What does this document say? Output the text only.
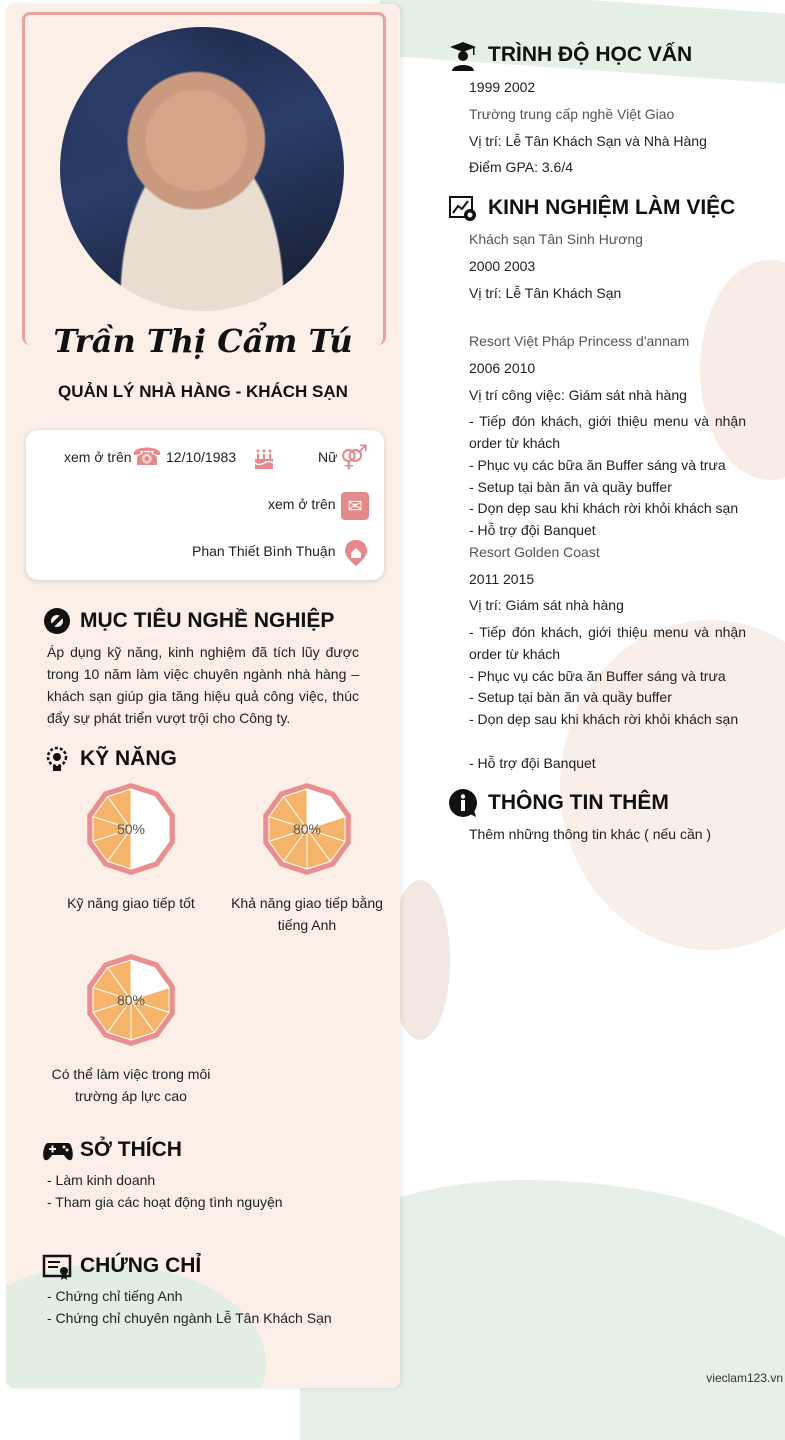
Trần Thị Cẩm Tú
QUẢN LÝ NHÀ HÀNG - KHÁCH SẠN
xem ở trên ☎ 12/10/1983	Nữ ⚤
xem ở trên ✉
Phan Thiết Bình Thuận
MỤC TIÊU NGHỀ NGHIỆP
Áp dụng kỹ năng, kinh nghiệm đã tích lũy được trong 10 năm làm việc chuyên ngành nhà hàng – khách sạn giúp gia tăng hiệu quả công việc, thúc đẩy sự phát triển vượt trội cho Công ty.
KỸ NĂNG
50%
Kỹ năng giao tiếp tốt
80%
Khả năng giao tiếp bằng tiếng Anh
80%
Có thể làm việc trong môi trường áp lực cao
SỞ THÍCH
- Làm kinh doanh
- Tham gia các hoạt động tình nguyện
CHỨNG CHỈ
- Chứng chỉ tiếng Anh
- Chứng chỉ chuyên ngành Lễ Tân Khách Sạn
TRÌNH ĐỘ HỌC VẤN
1999 2002
Trường trung cấp nghề Việt Giao
Vị trí: Lễ Tân Khách Sạn và Nhà Hàng
Điểm GPA: 3.6/4
KINH NGHIỆM LÀM VIỆC
Khách sạn Tân Sinh Hương
2000 2003
Vị trí: Lễ Tân Khách Sạn
Resort Việt Pháp Princess d'annam
2006 2010
Vị trí công việc: Giám sát nhà hàng
- Tiếp đón khách, giới thiệu menu và nhận order từ khách
- Phục vụ các bữa ăn Buffer sáng và trưa
- Setup tại bàn ăn và quầy buffer
- Dọn dẹp sau khi khách rời khỏi khách sạn
- Hỗ trợ đội Banquet
Resort Golden Coast
2011 2015
Vị trí: Giám sát nhà hàng
- Tiếp đón khách, giới thiệu menu và nhận order từ khách
- Phục vụ các bữa ăn Buffer sáng và trưa
- Setup tại bàn ăn và quầy buffer
- Dọn dẹp sau khi khách rời khỏi khách sạn
- Hỗ trợ đội Banquet
THÔNG TIN THÊM
Thêm những thông tin khác ( nếu cần )
vieclam123.vn
